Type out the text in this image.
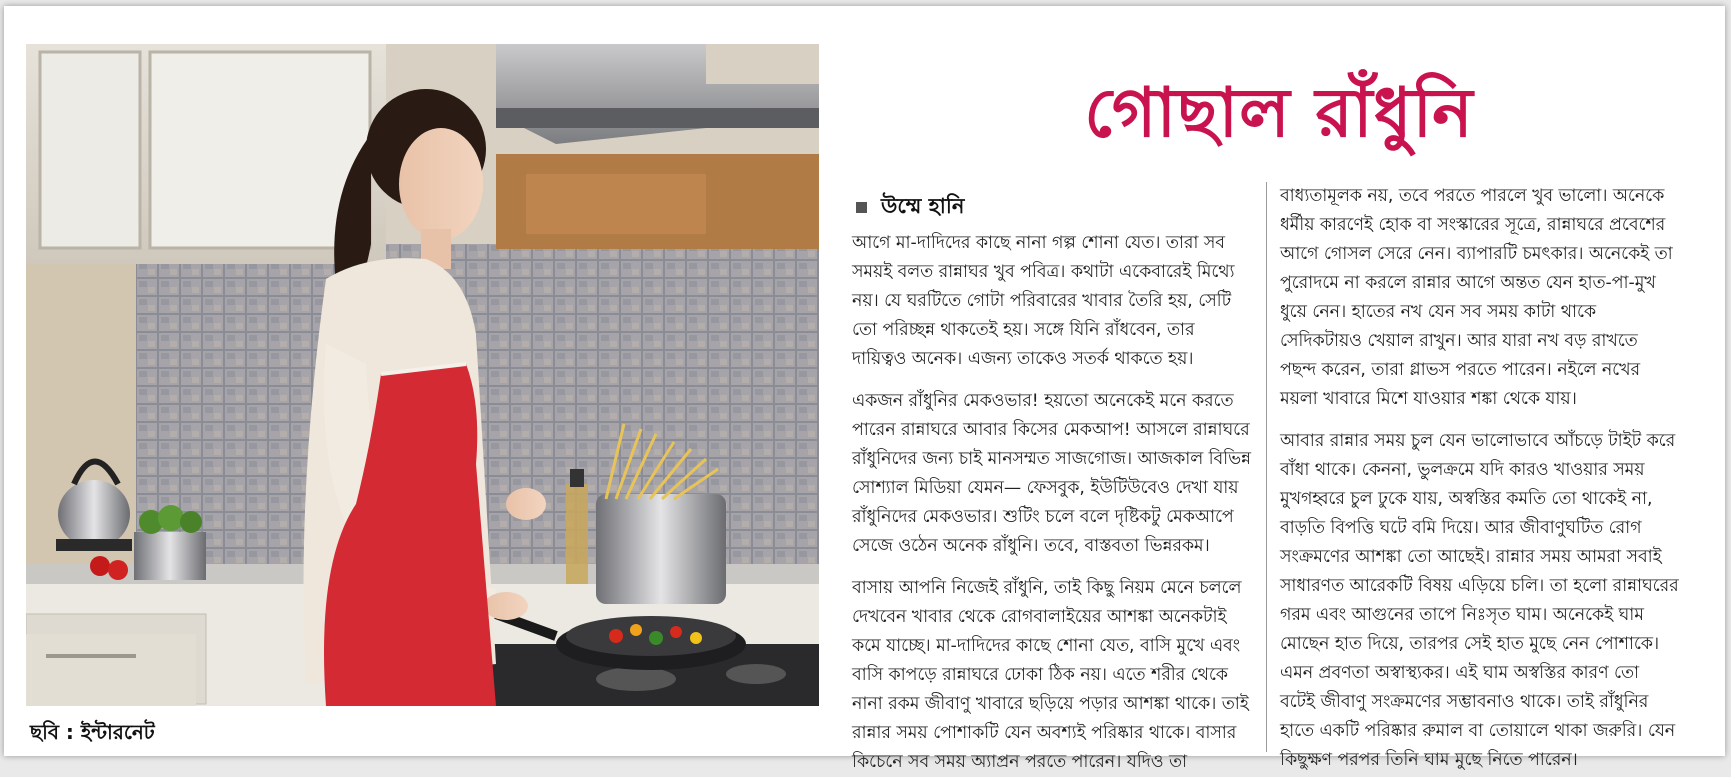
ছবি : ইন্টারনেট
গোছাল রাঁধুনি
উম্মে হানি

আগে মা-দাদিদের কাছে নানা গল্প শোনা যেত। তারা সব

সময়ই বলত রান্নাঘর খুব পবিত্র। কথাটা একেবারেই মিথ্যে

নয়। যে ঘরটিতে গোটা পরিবারের খাবার তৈরি হয়, সেটি

তো পরিচ্ছন্ন থাকতেই হয়। সঙ্গে যিনি রাঁধবেন, তার

দায়িত্বও অনেক। এজন্য তাকেও সতর্ক থাকতে হয়।

একজন রাঁধুনির মেকওভার! হয়তো অনেকেই মনে করতে

পারেন রান্নাঘরে আবার কিসের মেকআপ! আসলে রান্নাঘরে

রাঁধুনিদের জন্য চাই মানসম্মত সাজগোজ। আজকাল বিভিন্ন

সোশ্যাল মিডিয়া যেমন— ফেসবুক, ইউটিউবেও দেখা যায়

রাঁধুনিদের মেকওভার। শুটিং চলে বলে দৃষ্টিকটু মেকআপে

সেজে ওঠেন অনেক রাঁধুনি। তবে, বাস্তবতা ভিন্নরকম।

বাসায় আপনি নিজেই রাঁধুনি, তাই কিছু নিয়ম মেনে চললে

দেখবেন খাবার থেকে রোগবালাইয়ের আশঙ্কা অনেকটাই

কমে যাচ্ছে। মা-দাদিদের কাছে শোনা যেত, বাসি মুখে এবং

বাসি কাপড়ে রান্নাঘরে ঢোকা ঠিক নয়। এতে শরীর থেকে

নানা রকম জীবাণু খাবারে ছড়িয়ে পড়ার আশঙ্কা থাকে। তাই

রান্নার সময় পোশাকটি যেন অবশ্যই পরিষ্কার থাকে। বাসার

কিচেনে সব সময় অ্যাপ্রন পরতে পারেন। যদিও তা

বাধ্যতামূলক নয়, তবে পরতে পারলে খুব ভালো। অনেকে

ধর্মীয় কারণেই হোক বা সংস্কারের সূত্রে, রান্নাঘরে প্রবেশের

আগে গোসল সেরে নেন। ব্যাপারটি চমৎকার। অনেকেই তা

পুরোদমে না করলে রান্নার আগে অন্তত যেন হাত-পা-মুখ

ধুয়ে নেন। হাতের নখ যেন সব সময় কাটা থাকে

সেদিকটায়ও খেয়াল রাখুন। আর যারা নখ বড় রাখতে

পছন্দ করেন, তারা গ্লাভস পরতে পারেন। নইলে নখের

ময়লা খাবারে মিশে যাওয়ার শঙ্কা থেকে যায়।

আবার রান্নার সময় চুল যেন ভালোভাবে আঁচড়ে টাইট করে

বাঁধা থাকে। কেননা, ভুলক্রমে যদি কারও খাওয়ার সময়

মুখগহ্বরে চুল ঢুকে যায়, অস্বস্তির কমতি তো থাকেই না,

বাড়তি বিপত্তি ঘটে বমি দিয়ে। আর জীবাণুঘটিত রোগ

সংক্রমণের আশঙ্কা তো আছেই। রান্নার সময় আমরা সবাই

সাধারণত আরেকটি বিষয় এড়িয়ে চলি। তা হলো রান্নাঘরের

গরম এবং আগুনের তাপে নিঃসৃত ঘাম। অনেকেই ঘাম

মোছেন হাত দিয়ে, তারপর সেই হাত মুছে নেন পোশাকে।

এমন প্রবণতা অস্বাস্থ্যকর। এই ঘাম অস্বস্তির কারণ তো

বটেই জীবাণু সংক্রমণের সম্ভাবনাও থাকে। তাই রাঁধুনির

হাতে একটি পরিষ্কার রুমাল বা তোয়ালে থাকা জরুরি। যেন

কিছুক্ষণ পরপর তিনি ঘাম মুছে নিতে পারেন।
